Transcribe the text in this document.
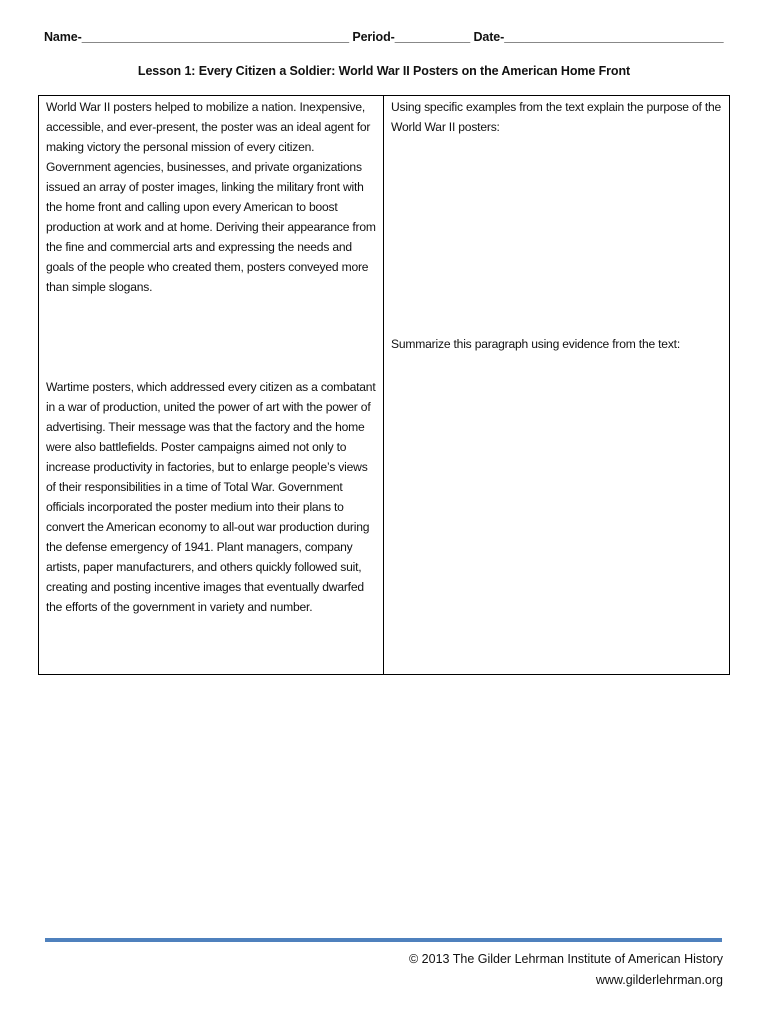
Name-_______________________________________ Period-___________ Date-________________________________
Lesson 1: Every Citizen a Soldier: World War II Posters on the American Home Front
World War II posters helped to mobilize a nation. Inexpensive, accessible, and ever-present, the poster was an ideal agent for making victory the personal mission of every citizen. Government agencies, businesses, and private organizations issued an array of poster images, linking the military front with the home front and calling upon every American to boost production at work and at home. Deriving their appearance from the fine and commercial arts and expressing the needs and goals of the people who created them, posters conveyed more than simple slogans.
Wartime posters, which addressed every citizen as a combatant in a war of production, united the power of art with the power of advertising. Their message was that the factory and the home were also battlefields. Poster campaigns aimed not only to increase productivity in factories, but to enlarge people’s views of their responsibilities in a time of Total War. Government officials incorporated the poster medium into their plans to convert the American economy to all-out war production during the defense emergency of 1941. Plant managers, company artists, paper manufacturers, and others quickly followed suit, creating and posting incentive images that eventually dwarfed the efforts of the government in variety and number.
Using specific examples from the text explain the purpose of the World War II posters:
Summarize this paragraph using evidence from the text:
© 2013 The Gilder Lehrman Institute of American History
www.gilderlehrman.org
